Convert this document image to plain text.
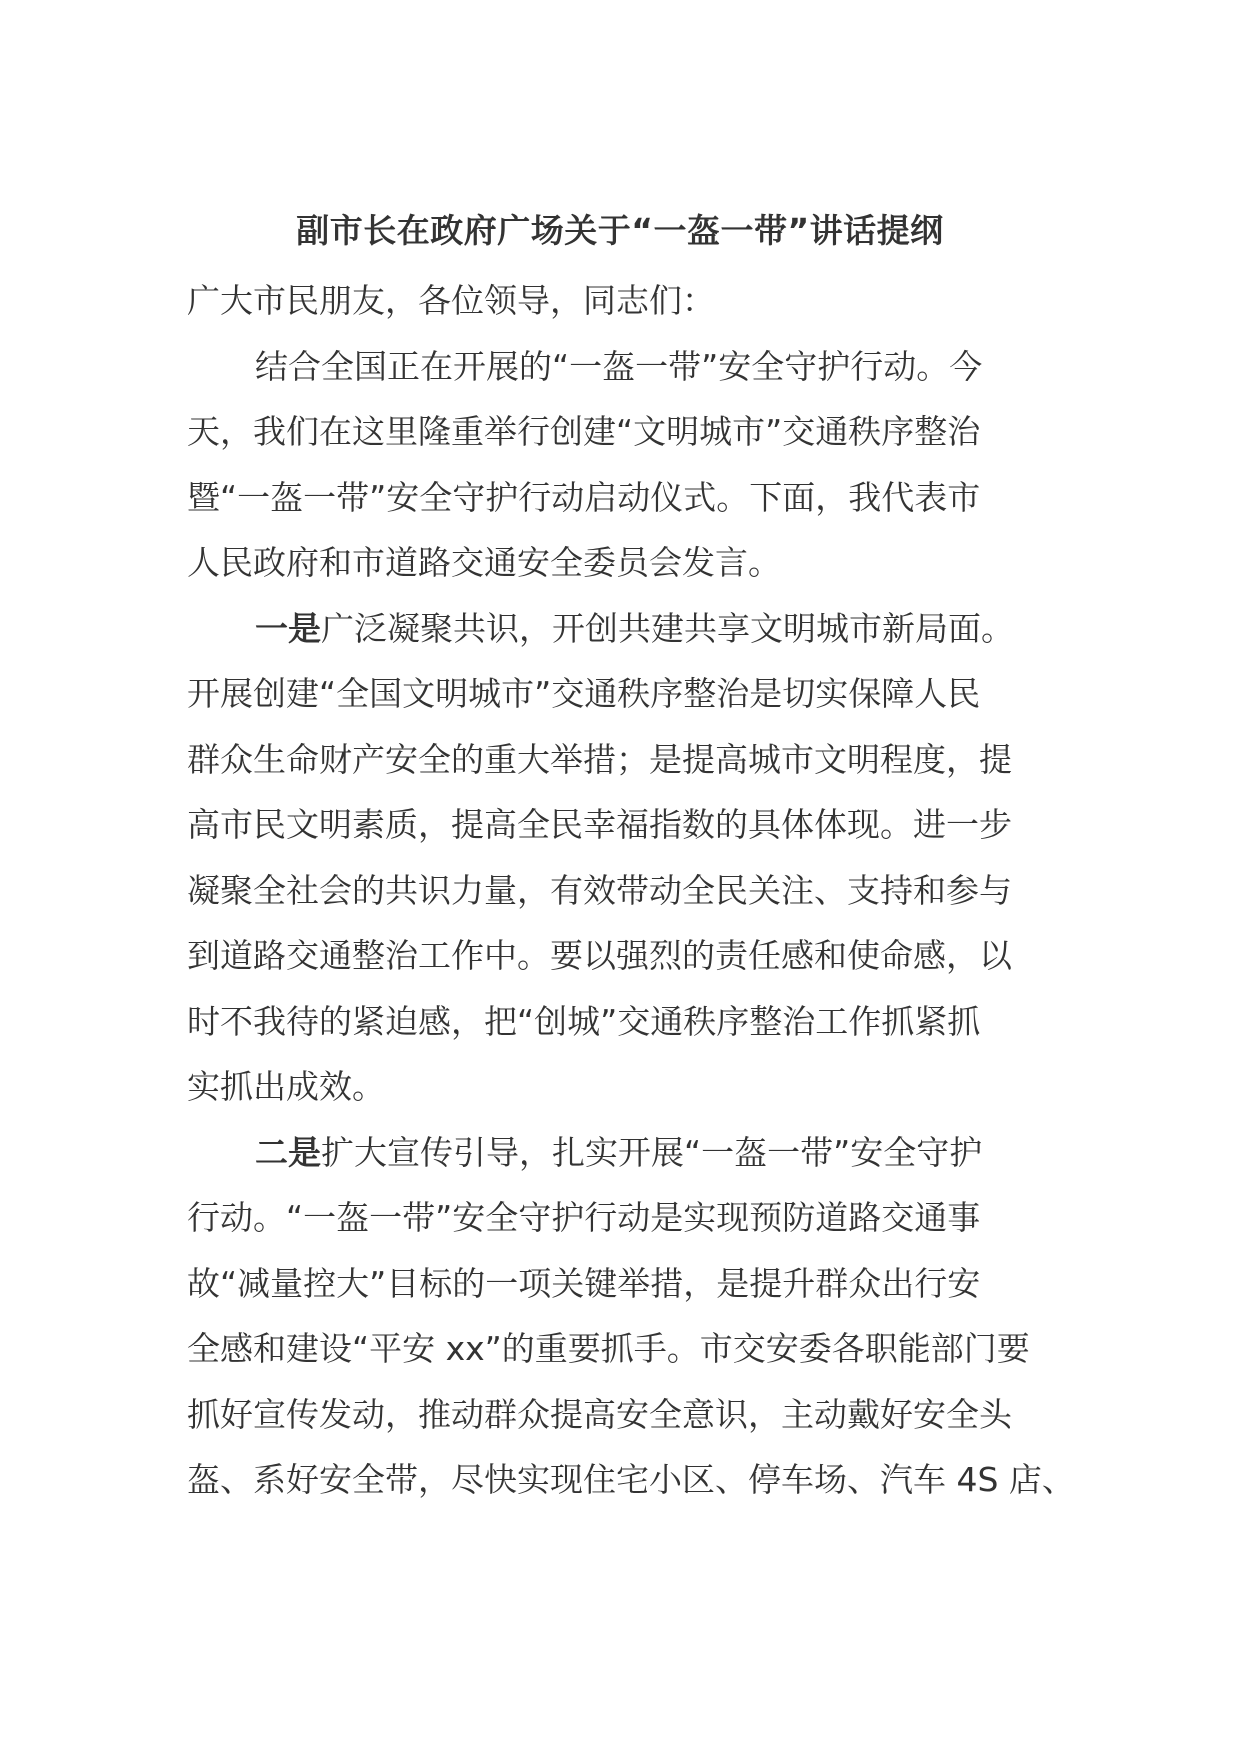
副市长在政府广场关于“一盔一带”讲话提纲
广大市民朋友，各位领导，同志们：
结合全国正在开展的“一盔一带”安全守护行动。今
天，我们在这里隆重举行创建“文明城市”交通秩序整治
暨“一盔一带”安全守护行动启动仪式。下面，我代表市
人民政府和市道路交通安全委员会发言。
一是广泛凝聚共识，开创共建共享文明城市新局面。
开展创建“全国文明城市”交通秩序整治是切实保障人民
群众生命财产安全的重大举措；是提高城市文明程度，提
高市民文明素质，提高全民幸福指数的具体体现。进一步
凝聚全社会的共识力量，有效带动全民关注、支持和参与
到道路交通整治工作中。要以强烈的责任感和使命感，以
时不我待的紧迫感，把“创城”交通秩序整治工作抓紧抓
实抓出成效。
二是扩大宣传引导，扎实开展“一盔一带”安全守护
行动。“一盔一带”安全守护行动是实现预防道路交通事
故“减量控大”目标的一项关键举措，是提升群众出行安
全感和建设“平安 xx”的重要抓手。市交安委各职能部门要
抓好宣传发动，推动群众提高安全意识，主动戴好安全头
盔、系好安全带，尽快实现住宅小区、停车场、汽车 4S 店、
